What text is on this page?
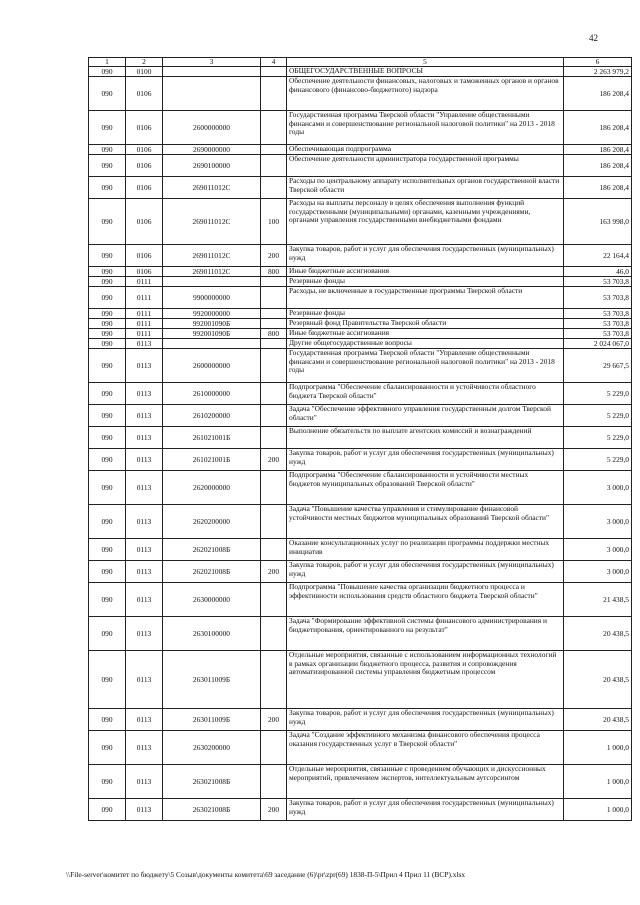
42
1	2	3	4	5	6
090	0100			ОБЩЕГОСУДАРСТВЕННЫЕ ВОПРОСЫ	2 263 979,2
090	0106			Обеспечение деятельности финансовых, налоговых и таможенных органов и органов финансового (финансово-бюджетного) надзора	186 208,4
090	0106	2600000000		Государственная программа Тверской области "Управление общественными финансами и совершенствование региональной налоговой политики" на 2013 - 2018 годы	186 208,4
090	0106	2690000000		Обеспечивающая подпрограмма	186 208,4
090	0106	2690100000		Обеспечение деятельности администратора государственной программы	186 208,4
090	0106	269011012C		Расходы по центральному аппарату исполнительных органов государственной власти Тверской области	186 208,4
090	0106	269011012C	100	Расходы на выплаты персоналу в целях обеспечения выполнения функций государственными (муниципальными) органами, казенными учреждениями, органами управления государственными внебюджетными фондами	163 998,0
090	0106	269011012C	200	Закупка товаров, работ и услуг для обеспечения государственных (муниципальных) нужд	22 164,4
090	0106	269011012C	800	Иные бюджетные ассигнования	46,0
090	0111			Резервные фонды	53 703,8
090	0111	9900000000		Расходы, не включенные в государственные программы Тверской области	53 703,8
090	0111	9920000000		Резервные фонды	53 703,8
090	0111	992001090Б		Резервный фонд Правительства Тверской области	53 703,8
090	0111	992001090Б	800	Иные бюджетные ассигнования	53 703,8
090	0113			Другие общегосударственные вопросы	2 024 067,0
090	0113	2600000000		Государственная программа Тверской области "Управление общественными финансами и совершенствование региональной налоговой политики" на 2013 - 2018 годы	29 667,5
090	0113	2610000000		Подпрограмма "Обеспечение сбалансированности и устойчивости областного бюджета Тверской области"	5 229,0
090	0113	2610200000		Задача "Обеспечение эффективного управления государственным долгом Тверской области"	5 229,0
090	0113	261021001Б		Выполнение обязательств по выплате агентских комиссий и вознаграждений	5 229,0
090	0113	261021001Б	200	Закупка товаров, работ и услуг для обеспечения государственных (муниципальных) нужд	5 229,0
090	0113	2620000000		Подпрограмма "Обеспечение сбалансированности и устойчивости местных бюджетов муниципальных образований Тверской области"	3 000,0
090	0113	2620200000		Задача "Повышение качества управления и стимулирование финансовой устойчивости местных бюджетов муниципальных образований Тверской области"	3 000,0
090	0113	262021008Б		Оказание консультационных услуг по реализации программы поддержки местных инициатив	3 000,0
090	0113	262021008Б	200	Закупка товаров, работ и услуг для обеспечения государственных (муниципальных) нужд	3 000,0
090	0113	2630000000		Подпрограмма "Повышение качества организации бюджетного процесса и эффективности использования средств областного бюджета Тверской области"	21 438,5
090	0113	2630100000		Задача "Формирование эффективной системы финансового администрирования и бюджетирования, ориентированного на результат"	20 438,5
090	0113	263011009Б		Отдельные мероприятия, связанные с использованием информационных технологий в рамках организации бюджетного процесса, развития и сопровождения автоматизированной системы управления бюджетным процессом	20 438,5
090	0113	263011009Б	200	Закупка товаров, работ и услуг для обеспечения государственных (муниципальных) нужд	20 438,5
090	0113	2630200000		Задача "Создание эффективного механизма финансового обеспечения процесса оказания государственных услуг в Тверской области"	1 000,0
090	0113	263021008Б		Отдельные мероприятия, связанные с проведением обучающих и дискуссионных мероприятий, привлечением экспертов, интеллектуальным аутсорсингом	1 000,0
090	0113	263021008Б	200	Закупка товаров, работ и услуг для обеспечения государственных (муниципальных) нужд	1 000,0
\\File-server\комитет по бюджету\5 Созыв\документы комитета\69 заседание (6)\pr\zpr(69) 1838-П-5\Прил 4 Прил 11 (ВСР).xlsx
